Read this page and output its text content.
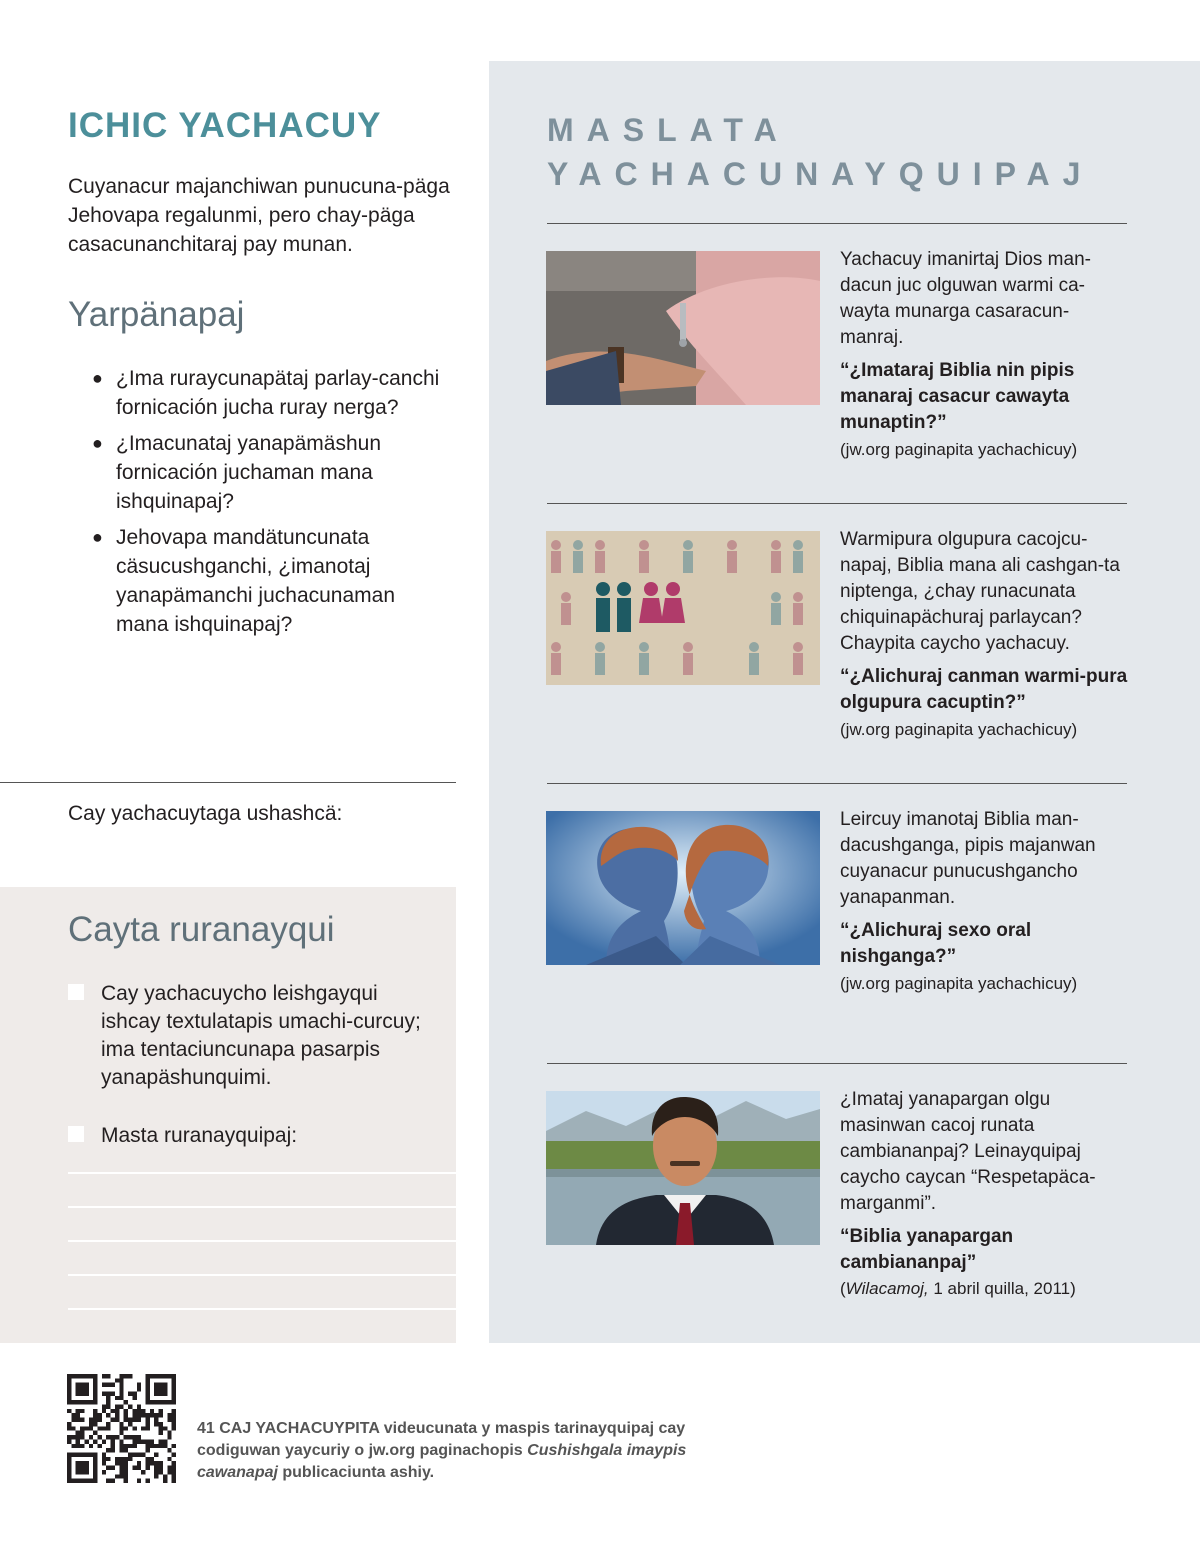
ICHIC YACHACUY

Cuyanacur majanchiwan punucuna-päga Jehovapa regalunmi, pero chay-päga casacunanchitaraj pay munan.

Yarpänapaj
● ¿Ima ruraycunapätaj parlay-canchi fornicación jucha ruray nerga?
● ¿Imacunataj yanapämäshun fornicación juchaman mana ishquinapaj?
● Jehovapa mandätuncunata cäsucushganchi, ¿imanotaj yanapämanchi juchacunaman mana ishquinapaj?
Cay yachacuytaga ushashcä:
Cayta ruranayqui
Cay yachacuycho leishgayqui ishcay textulatapis umachi-curcuy; ima tentaciuncunapa pasarpis yanapäshunquimi.
Masta ruranayquipaj:
MASLATA
YACHACUNAYQUIPAJ

Yachacuy imanirtaj Dios man-dacun juc olguwan warmi ca-wayta munarga casaracun-manraj.

“¿Imataraj Biblia nin pipis manaraj casacur cawayta munaptin?”

(jw.org paginapita yachachicuy)

Warmipura olgupura cacojcu-napaj, Biblia mana ali cashgan-ta niptenga, ¿chay runacunata chiquinapächuraj parlaycan? Chaypita caycho yachacuy.

“¿Alichuraj canman warmi-pura olgupura cacuptin?”

(jw.org paginapita yachachicuy)

Leircuy imanotaj Biblia man-dacushganga, pipis majanwan cuyanacur punucushgancho yanapanman.

“¿Alichuraj sexo oral nishganga?”

(jw.org paginapita yachachicuy)

¿Imataj yanapargan olgu masinwan cacoj runata cambiananpaj? Leinayquipaj caycho caycan “Respetapäca-marganmi”.

“Biblia yanapargan cambiananpaj”

(Wilacamoj, 1 abril quilla, 2011)

41 CAJ YACHACUYPITA videucunata y maspis tarinayquipaj cay codiguwan yaycuriy o jw.org paginachopis Cushishgala imaypis cawanapaj publicaciunta ashiy.
